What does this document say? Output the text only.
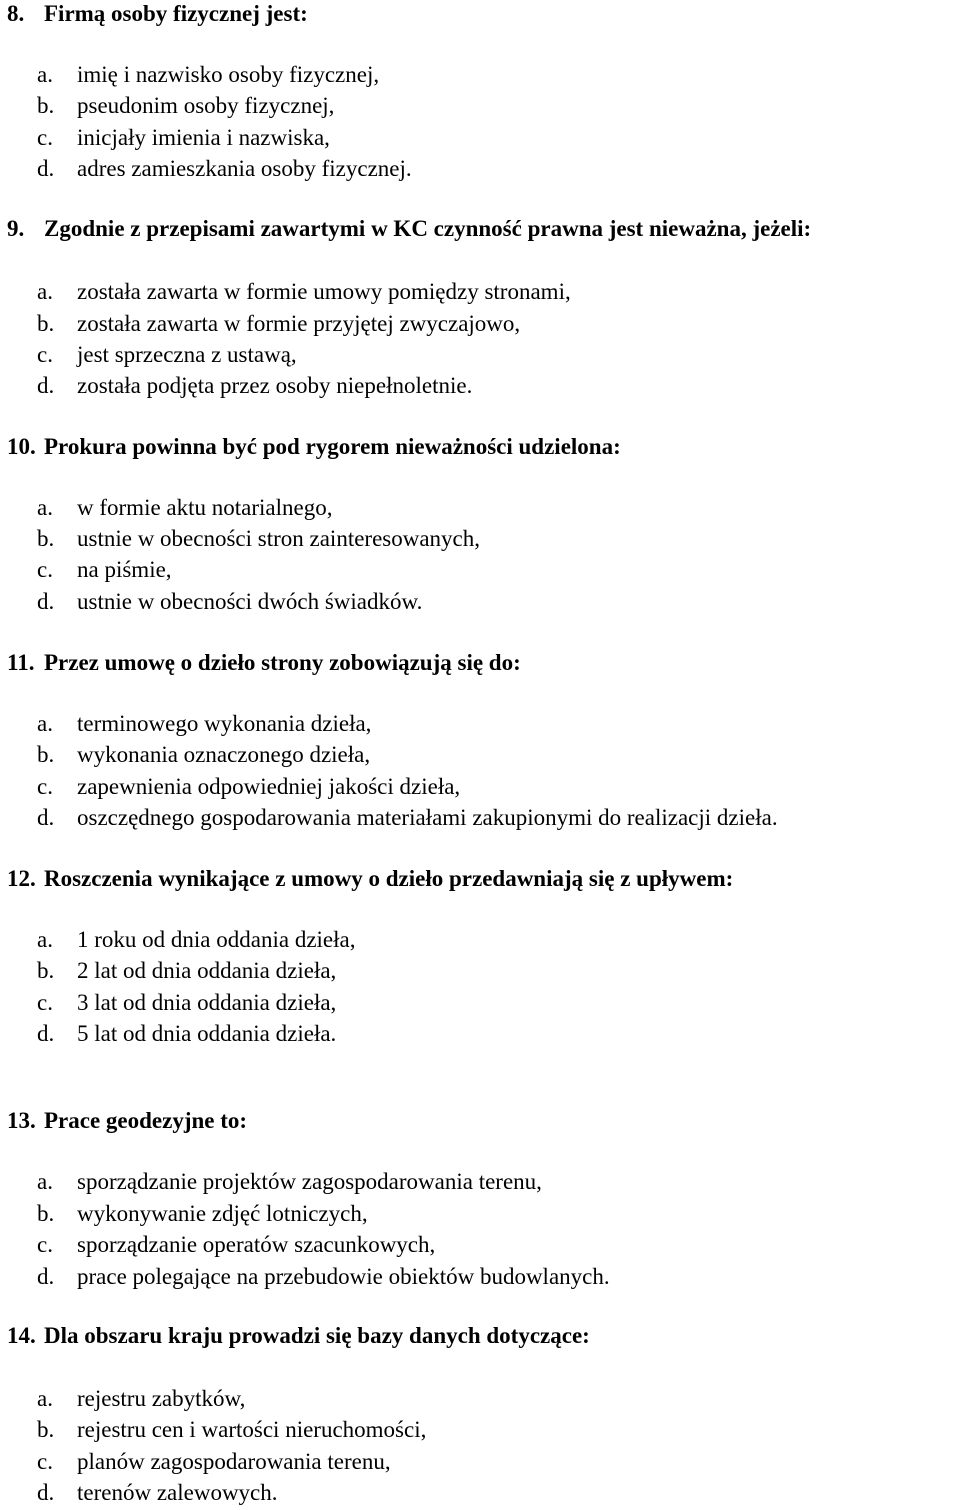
8. Firmą osoby fizycznej jest:
a. imię i nazwisko osoby fizycznej,
b. pseudonim osoby fizycznej,
c. inicjały imienia i nazwiska,
d. adres zamieszkania osoby fizycznej.
9. Zgodnie z przepisami zawartymi w KC czynność prawna jest nieważna, jeżeli:
a. została zawarta w formie umowy pomiędzy stronami,
b. została zawarta w formie przyjętej zwyczajowo,
c. jest sprzeczna z ustawą,
d. została podjęta przez osoby niepełnoletnie.
10. Prokura powinna być pod rygorem nieważności udzielona:
a. w formie aktu notarialnego,
b. ustnie w obecności stron zainteresowanych,
c. na piśmie,
d. ustnie w obecności dwóch świadków.
11. Przez umowę o dzieło strony zobowiązują się do:
a. terminowego wykonania dzieła,
b. wykonania oznaczonego dzieła,
c. zapewnienia odpowiedniej jakości dzieła,
d. oszczędnego gospodarowania materiałami zakupionymi do realizacji dzieła.
12. Roszczenia wynikające z umowy o dzieło przedawniają się z upływem:
a. 1 roku od dnia oddania dzieła,
b. 2 lat od dnia oddania dzieła,
c. 3 lat od dnia oddania dzieła,
d. 5 lat od dnia oddania dzieła.
13. Prace geodezyjne to:
a. sporządzanie projektów zagospodarowania terenu,
b. wykonywanie zdjęć lotniczych,
c. sporządzanie operatów szacunkowych,
d. prace polegające na przebudowie obiektów budowlanych.
14. Dla obszaru kraju prowadzi się bazy danych dotyczące:
a. rejestru zabytków,
b. rejestru cen i wartości nieruchomości,
c. planów zagospodarowania terenu,
d. terenów zalewowych.
